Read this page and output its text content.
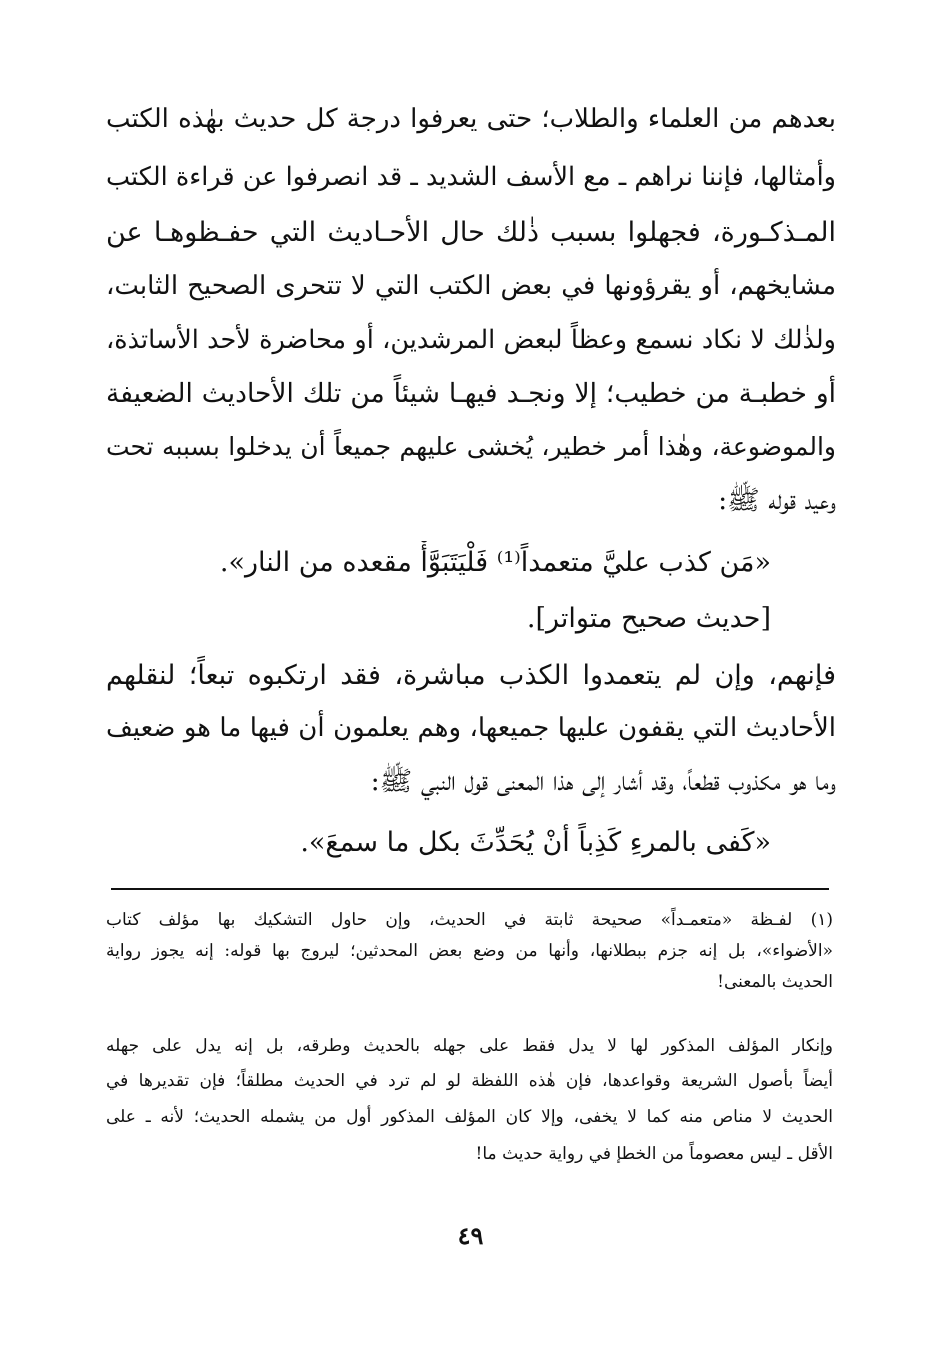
بعدهم من العلماء والطلاب؛ حتى يعرفوا درجة كل حديث بهٰذه الكتب
وأمثالها، فإننا نراهم ـ مع الأسف الشديد ـ قد انصرفوا عن قراءة الكتب
المـذكـورة، فجهلوا بسبب ذٰلك حال الأحـاديث التي حفـظوهـا عن
مشايخهم، أو يقرؤونها في بعض الكتب التي لا تتحرى الصحيح الثابت،
ولذٰلك لا نكاد نسمع وعظاً لبعض المرشدين، أو محاضرة لأحد الأساتذة،
أو خطبـة من خطيب؛ إلا ونجـد فيهـا شيئاً من تلك الأحاديث الضعيفة
والموضوعة، وهٰذا أمر خطير، يُخشى عليهم جميعاً أن يدخلوا بسببه تحت
وعيد قوله ﷺ:
«مَن كذب عليَّ متعمداً⁽¹⁾ فَلْيَتَبَوَّأْ مقعده من النار».
[حديث صحيح متواتر].
فإنهم، وإن لم يتعمدوا الكذب مباشرة، فقد ارتكبوه تبعاً؛ لنقلهم
الأحاديث التي يقفون عليها جميعها، وهم يعلمون أن فيها ما هو ضعيف
وما هو مكذوب قطعاً، وقد أشار إلى هذا المعنى قول النبي ﷺ:
«كَفى بالمرءِ كَذِباً أنْ يُحَدِّثَ بكل ما سمعَ».
(١) لفـظة «متعمـداً» صحيحة ثابتة في الحديث، وإن حاول التشكيك بها مؤلف كتاب
«الأضواء»، بل إنه جزم ببطلانها، وأنها من وضع بعض المحدثين؛ ليروج بها قوله: إنه يجوز رواية
الحديث بالمعنى!
وإنكار المؤلف المذكور لها لا يدل فقط على جهله بالحديث وطرقه، بل إنه يدل على جهله
أيضاً بأصول الشريعة وقواعدها، فإن هٰذه اللفظة لو لم ترد في الحديث مطلقاً؛ فإن تقديرها في
الحديث لا مناص منه كما لا يخفى، وإلا كان المؤلف المذكور أول من يشمله الحديث؛ لأنه ـ على
الأقل ـ ليس معصوماً من الخطإ في رواية حديث ما!
٤٩
